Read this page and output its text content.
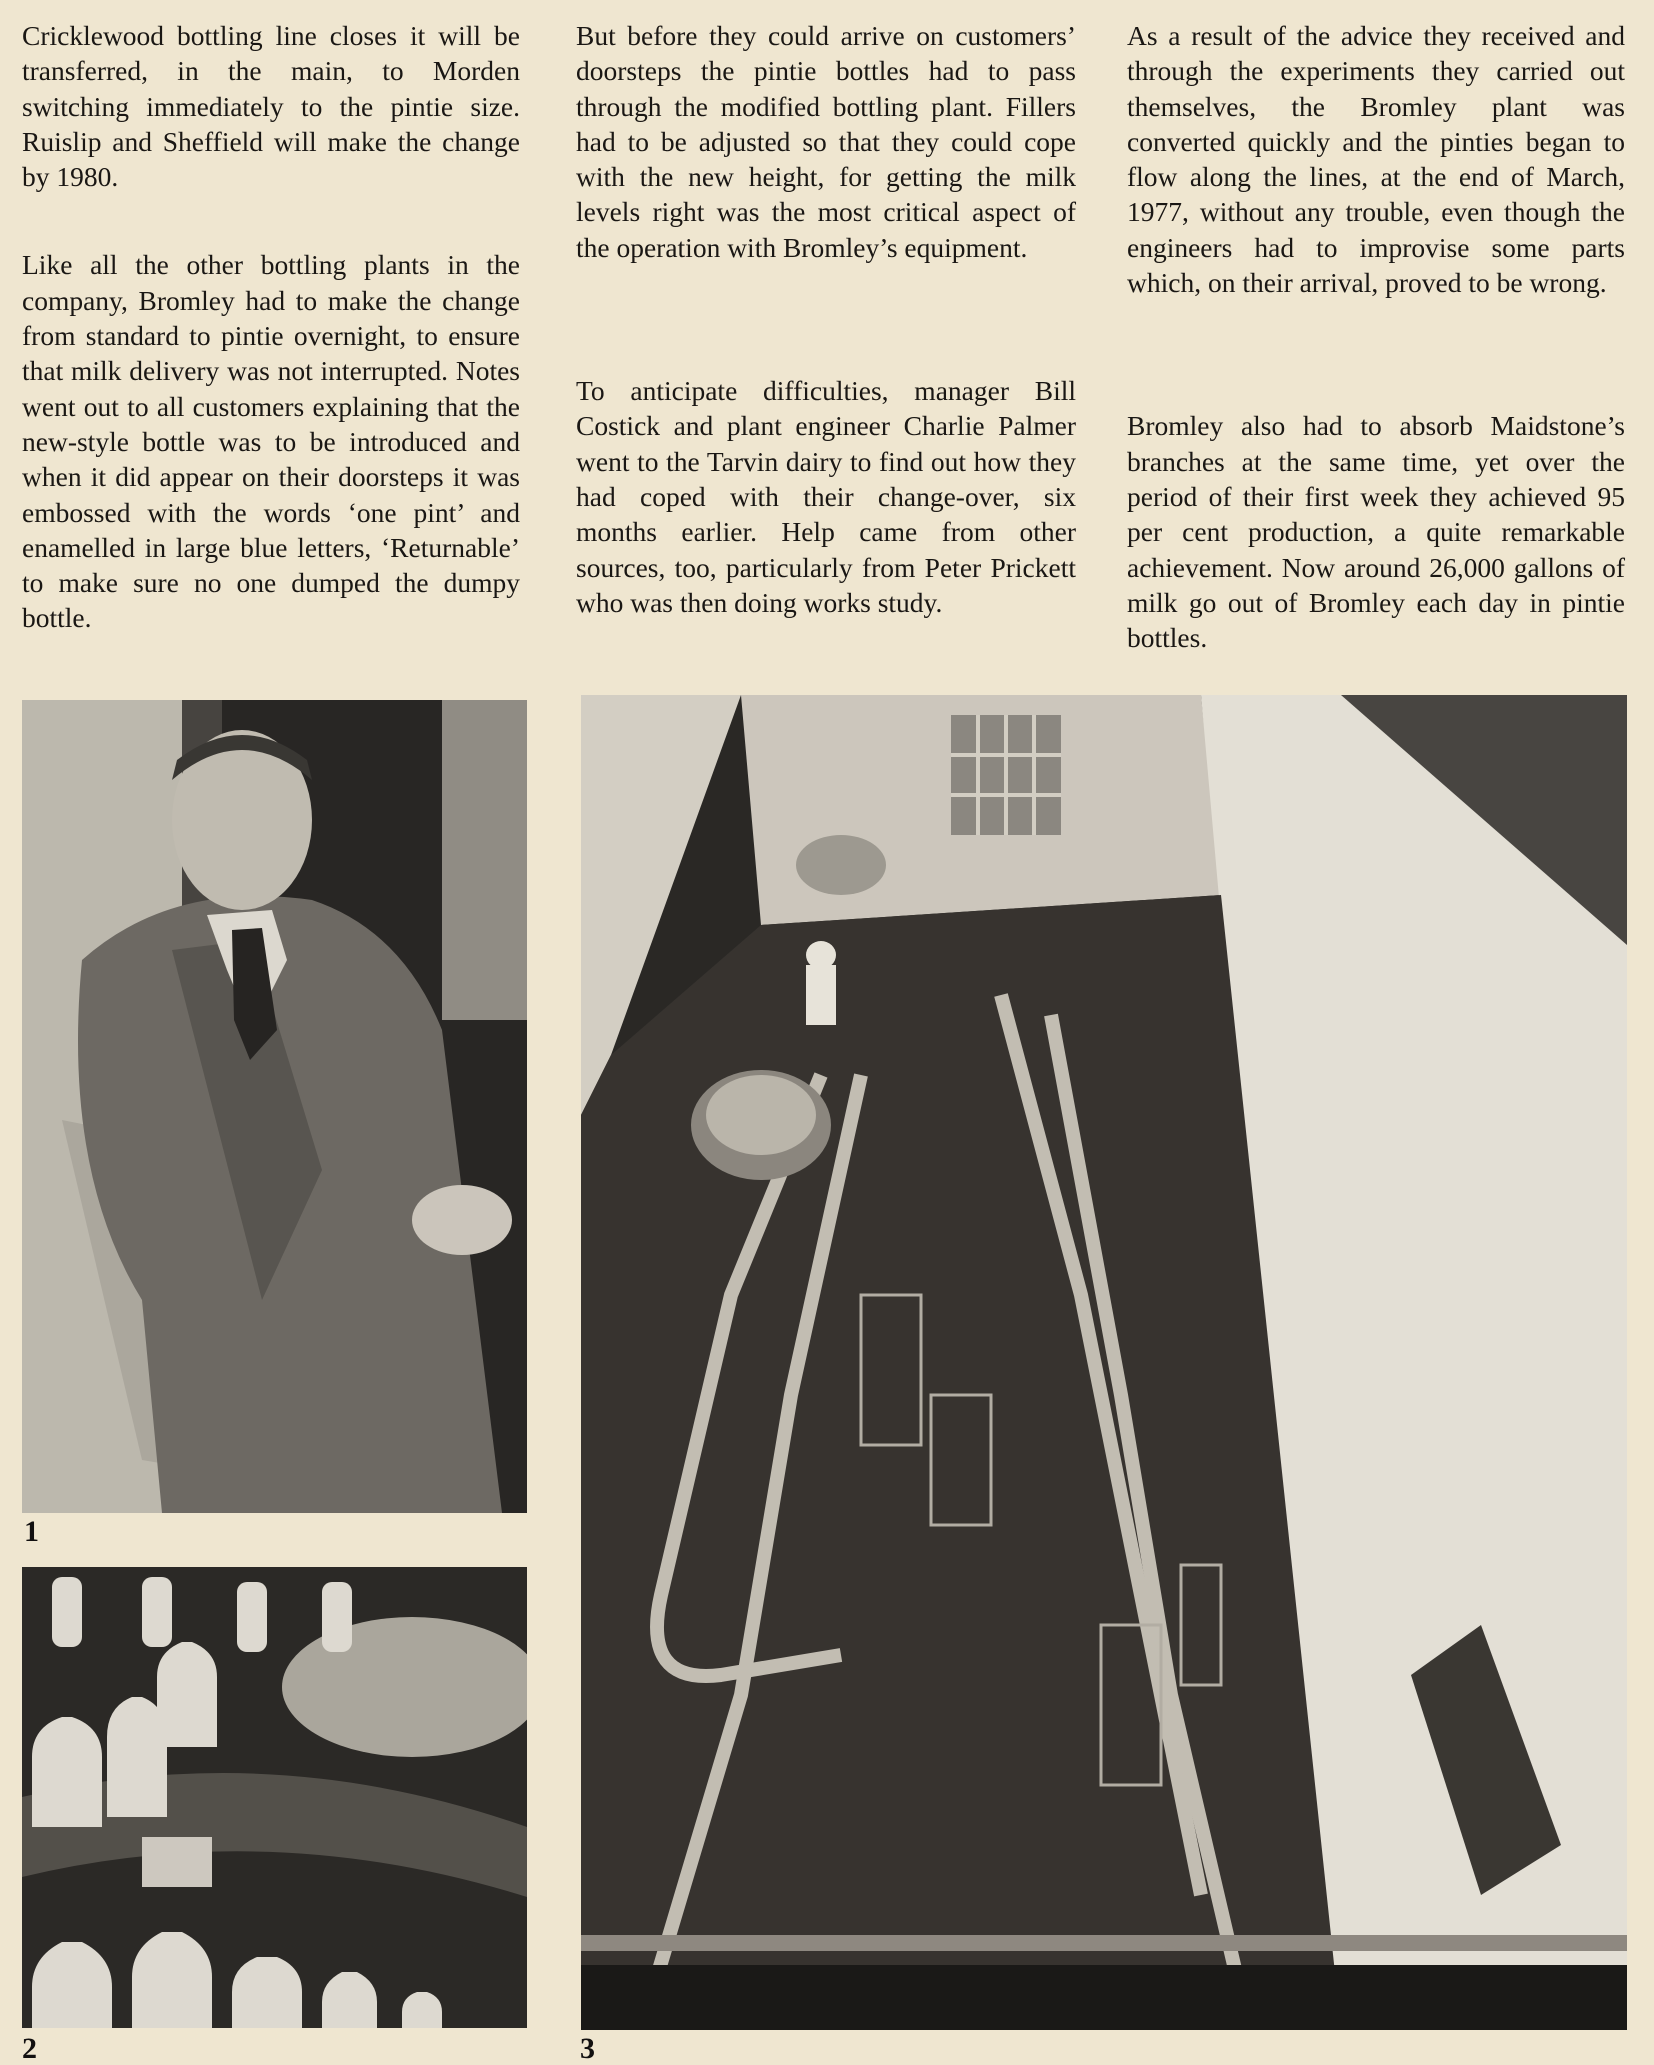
Cricklewood bottling line closes it will be transferred, in the main, to Morden switching immediately to the pintie size. Ruislip and Sheffield will make the change by 1980.

Like all the other bottling plants in the company, Bromley had to make the change from standard to pintie overnight, to ensure that milk delivery was not interrupted. Notes went out to all customers explaining that the new-style bottle was to be introduced and when it did appear on their doorsteps it was embossed with the words ‘one pint’ and enamelled in large blue letters, ‘Returnable’ to make sure no one dumped the dumpy bottle.

But before they could arrive on customers’ doorsteps the pintie bottles had to pass through the modified bottling plant. Fillers had to be adjusted so that they could cope with the new height, for getting the milk levels right was the most critical aspect of the operation with Bromley’s equipment.

To anticipate difficulties, manager Bill Costick and plant engineer Charlie Palmer went to the Tarvin dairy to find out how they had coped with their change-over, six months earlier. Help came from other sources, too, particularly from Peter Prickett who was then doing works study.

As a result of the advice they received and through the experiments they carried out themselves, the Bromley plant was converted quickly and the pinties began to flow along the lines, at the end of March, 1977, without any trouble, even though the engineers had to improvise some parts which, on their arrival, proved to be wrong.

Bromley also had to absorb Maidstone’s branches at the same time, yet over the period of their first week they achieved 95 per cent production, a quite remarkable achievement. Now around 26,000 gallons of milk go out of Bromley each day in pintie bottles.

1
2	3
